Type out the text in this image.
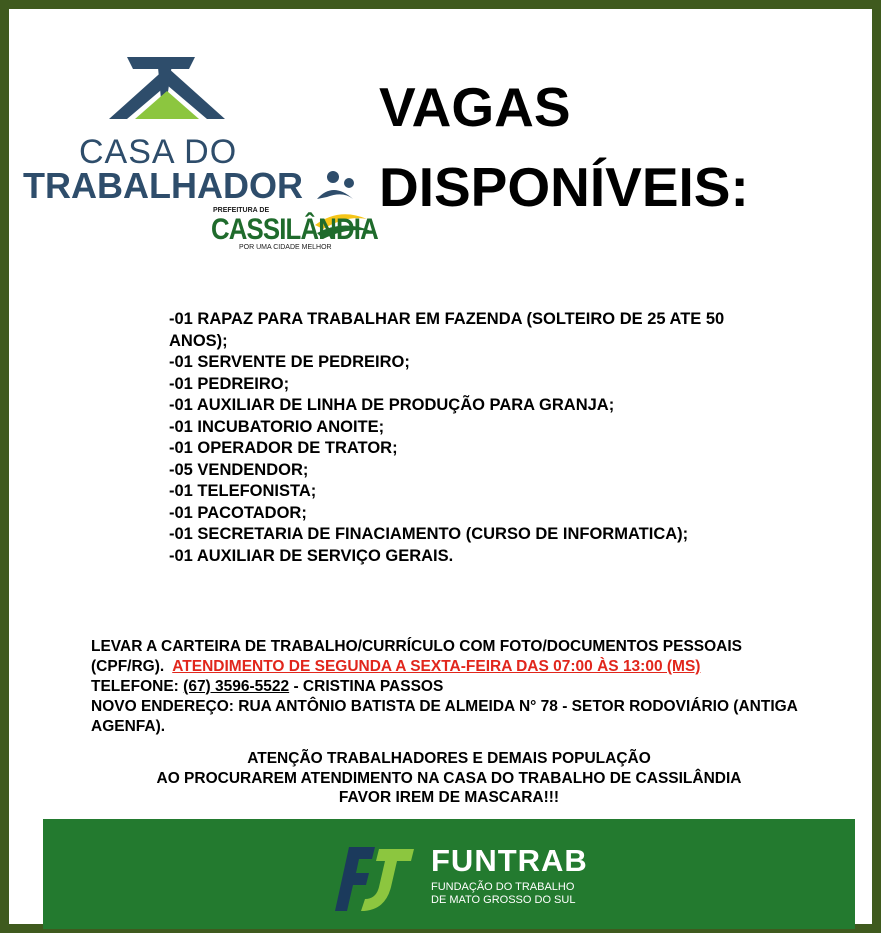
CASA DO
TRABALHADOR
PREFEITURA DE
CASSILÂNDIA
POR UMA CIDADE MELHOR
VAGAS
DISPONÍVEIS:
-01 RAPAZ PARA TRABALHAR EM FAZENDA (SOLTEIRO DE 25 ATE 50 ANOS);
-01 SERVENTE DE PEDREIRO;
-01 PEDREIRO;
-01 AUXILIAR DE LINHA DE PRODUÇÃO PARA GRANJA;
-01 INCUBATORIO ANOITE;
-01 OPERADOR DE TRATOR;
-05 VENDENDOR;
-01 TELEFONISTA;
-01 PACOTADOR;
-01 SECRETARIA DE FINACIAMENTO (CURSO DE INFORMATICA);
-01 AUXILIAR DE SERVIÇO GERAIS.
LEVAR A CARTEIRA DE TRABALHO/CURRÍCULO COM FOTO/DOCUMENTOS PESSOAIS (CPF/RG). ATENDIMENTO DE SEGUNDA A SEXTA-FEIRA DAS 07:00 ÀS 13:00 (MS)
TELEFONE: (67) 3596-5522 - CRISTINA PASSOS
NOVO ENDEREÇO: RUA ANTÔNIO BATISTA DE ALMEIDA N° 78 - SETOR RODOVIÁRIO (ANTIGA AGENFA).
ATENÇÃO TRABALHADORES E DEMAIS POPULAÇÃO
AO PROCURAREM ATENDIMENTO NA CASA DO TRABALHO DE CASSILÂNDIA
FAVOR IREM DE MASCARA!!!
FUNTRAB
FUNDAÇÃO DO TRABALHO
DE MATO GROSSO DO SUL
